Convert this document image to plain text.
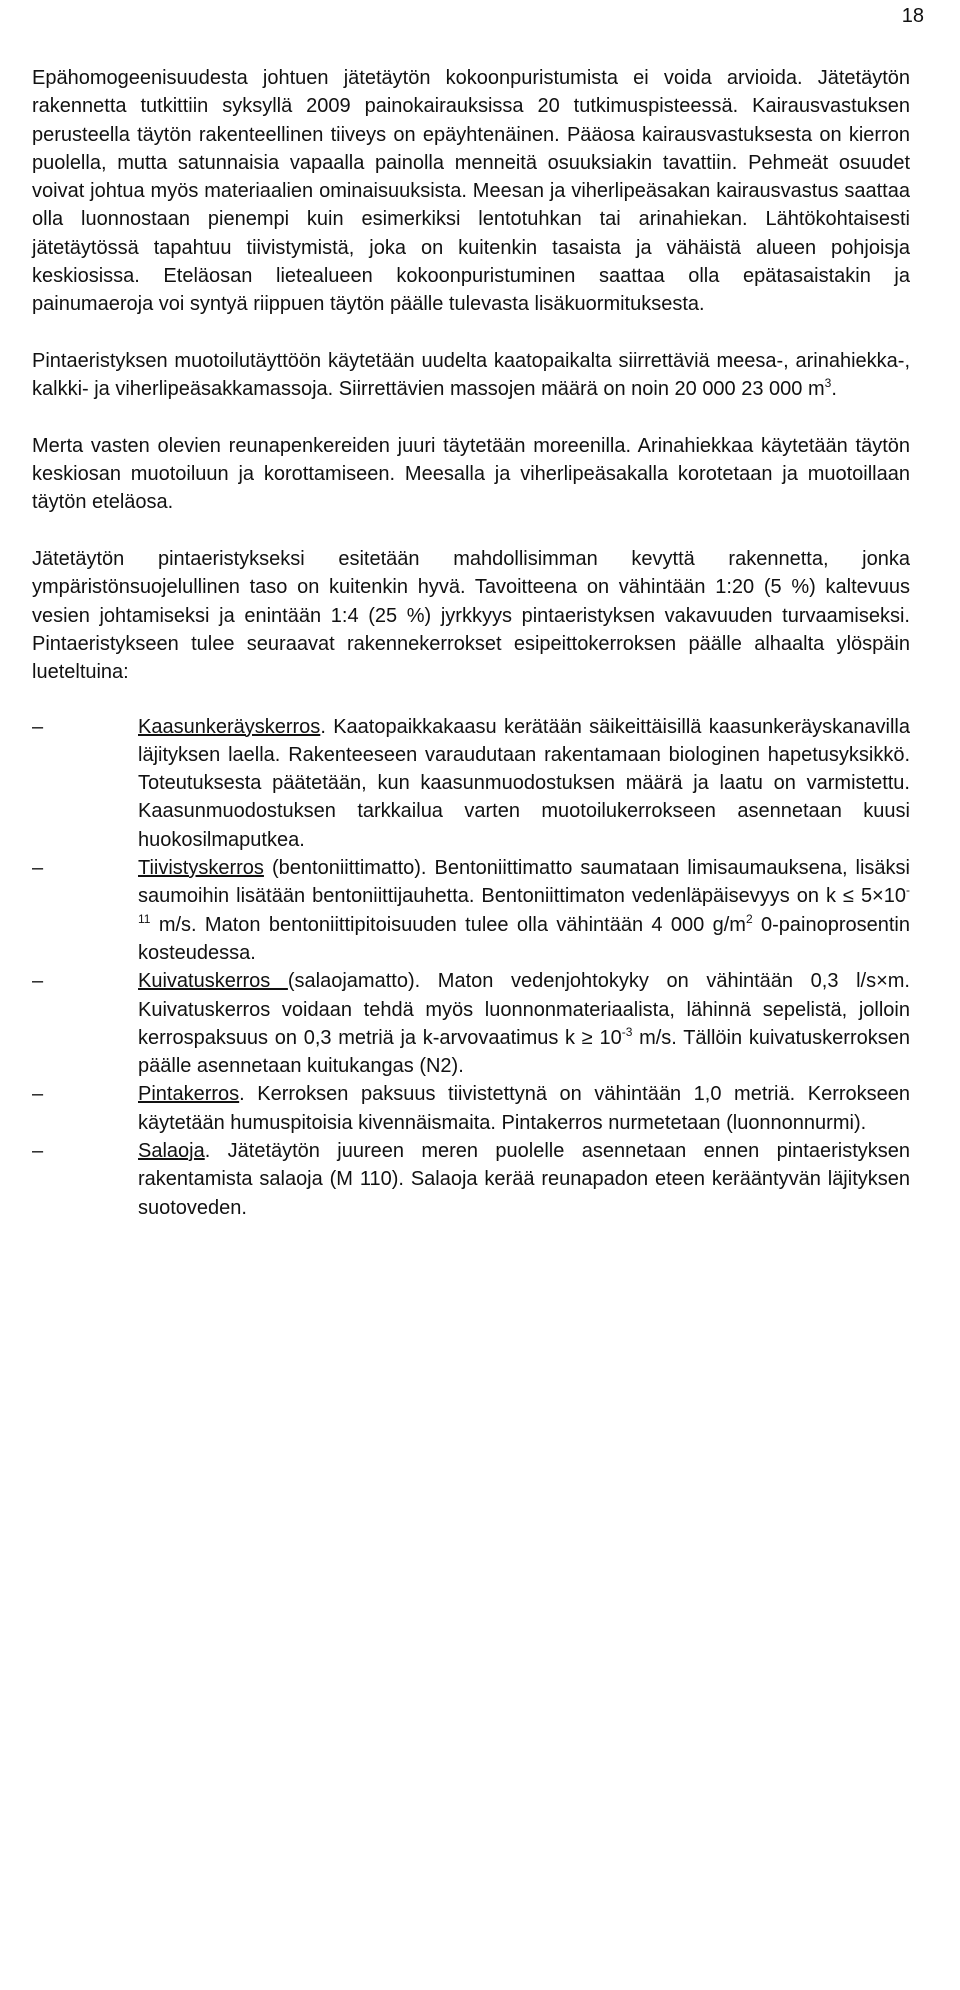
18

Epähomogeenisuudesta johtuen jätetäytön kokoonpuristumista ei voida arvioida. Jätetäytön rakennetta tutkittiin syksyllä 2009 painokairauksissa 20 tutkimuspisteessä. Kairausvastuksen perusteella täytön rakenteellinen tiiveys on epäyhtenäinen. Pääosa kairausvastuksesta on kierron puolella, mutta satunnaisia vapaalla painolla menneitä osuuksiakin tavattiin. Pehmeät osuudet voivat johtua myös materiaalien ominaisuuksista. Meesan ja viherlipeäsakan kairausvastus saattaa olla luonnostaan pienempi kuin esimerkiksi lentotuhkan tai arinahiekan. Lähtökohtaisesti jätetäytössä tapahtuu tiivistymistä, joka on kuitenkin tasaista ja vähäistä alueen pohjoisja keskiosissa. Eteläosan lietealueen kokoonpuristuminen saattaa olla epätasaistakin ja painumaeroja voi syntyä riippuen täytön päälle tulevasta lisäkuormituksesta.

Pintaeristyksen muotoilutäyttöön käytetään uudelta kaatopaikalta siirrettäviä meesa-, arinahiekka-, kalkki- ja viherlipeäsakkamassoja. Siirrettävien massojen määrä on noin 20 000 23 000 $m^3$.

Merta vasten olevien reunapenkereiden juuri täytetään moreenilla. Arinahiekkaa käytetään täytön keskiosan muotoiluun ja korottamiseen. Meesalla ja viherlipeäsakalla korotetaan ja muotoillaan täytön eteläosa.

Jätetäytön pintaeristykseksi esitetään mahdollisimman kevyttä rakennetta, jonka ympäristönsuojelullinen taso on kuitenkin hyvä. Tavoitteena on vähintään 1:20 (5 %) kaltevuus vesien johtamiseksi ja enintään 1:4 (25 %) jyrkkyys pintaeristyksen vakavuuden turvaamiseksi. Pintaeristykseen tulee seuraavat rakennekerrokset esipeittokerroksen päälle alhaalta ylöspäin lueteltuina:

–	Kaasunkeräyskerros. Kaatopaikkakaasu kerätään säikeittäisillä kaasunkeräyskanavilla läjityksen laella. Rakenteeseen varaudutaan rakentamaan biologinen hapetusyksikkö. Toteutuksesta päätetään, kun kaasunmuodostuksen määrä ja laatu on varmistettu. Kaasunmuodostuksen tarkkailua varten muotoilukerrokseen asennetaan kuusi huokosilmaputkea.
–	Tiivistyskerros (bentoniittimatto). Bentoniittimatto saumataan limisaumauksena, lisäksi saumoihin lisätään bentoniittijauhetta. Bentoniittimaton vedenläpäisevyys on $k \le 5\times 10^{-11}$ m/s. Maton bentoniittipitoisuuden tulee olla vähintään 4 000 $g/m^2$ 0-painoprosentin kosteudessa.
–	Kuivatuskerros (salaojamatto). Maton vedenjohtokyky on vähintään 0,3 l/s×m. Kuivatuskerros voidaan tehdä myös luonnonmateriaalista, lähinnä sepelistä, jolloin kerrospaksuus on 0,3 metriä ja k-arvovaatimus $k \ge 10^{-3}$ m/s. Tällöin kuivatuskerroksen päälle asennetaan kuitukangas (N2).
–	Pintakerros. Kerroksen paksuus tiivistettynä on vähintään 1,0 metriä. Kerrokseen käytetään humuspitoisia kivennäismaita. Pintakerros nurmetetaan (luonnonnurmi).
–	Salaoja. Jätetäytön juureen meren puolelle asennetaan ennen pintaeristyksen rakentamista salaoja (M 110). Salaoja kerää reunapadon eteen kerääntyvän läjityksen suotoveden.
